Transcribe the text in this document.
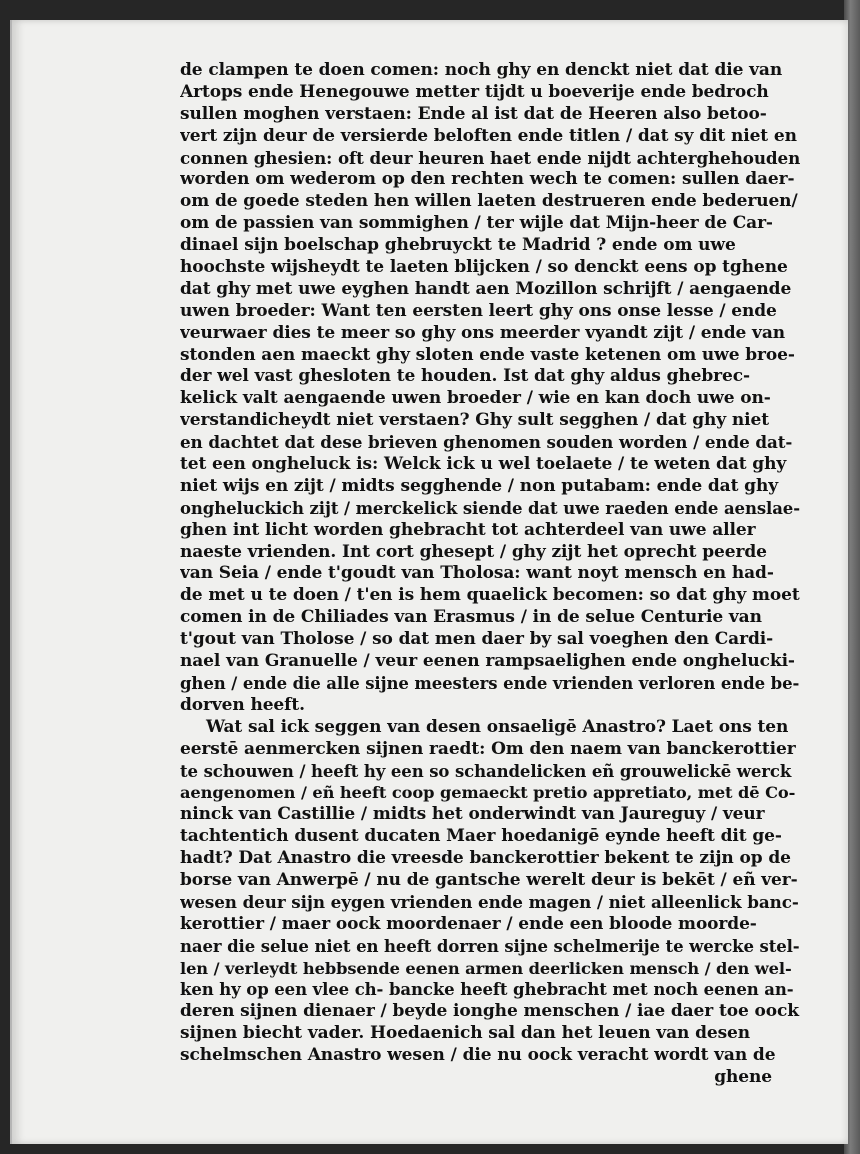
de clampen te doen comen: noch ghy en denckt niet dat die van
Artops ende Henegouwe metter tijdt u boeverije ende bedroch
sullen moghen verstaen: Ende al ist dat de Heeren also betoo-
vert zijn deur de versierde beloften ende titlen / dat sy dit niet en
connen ghesien: oft deur heuren haet ende nijdt achterghehouden
worden om wederom op den rechten wech te comen: sullen daer-
om de goede steden hen willen laeten destrueren ende bederuen/
om de passien van sommighen / ter wijle dat Mijn-heer de Car-
dinael sijn boelschap ghebruyckt te Madrid ? ende om uwe
hoochste wijsheydt te laeten blijcken / so denckt eens op tghene
dat ghy met uwe eyghen handt aen Mozillon schrijft / aengaende
uwen broeder: Want ten eersten leert ghy ons onse lesse / ende
veurwaer dies te meer so ghy ons meerder vyandt zijt / ende van
stonden aen maeckt ghy sloten ende vaste ketenen om uwe broe-
der wel vast ghesloten te houden. Ist dat ghy aldus ghebrec-
kelick valt aengaende uwen broeder / wie en kan doch uwe on-
verstandicheydt niet verstaen? Ghy sult segghen / dat ghy niet
en dachtet dat dese brieven ghenomen souden worden / ende dat-
tet een ongheluck is: Welck ick u wel toelaete / te weten dat ghy
niet wijs en zijt / midts segghende / non putabam: ende dat ghy
ongheluckich zijt / merckelick siende dat uwe raeden ende aenslae-
ghen int licht worden ghebracht tot achterdeel van uwe aller
naeste vrienden. Int cort ghesept / ghy zijt het oprecht peerde
van Seia / ende t'goudt van Tholosa: want noyt mensch en had-
de met u te doen / t'en is hem quaelick becomen: so dat ghy moet
comen in de Chiliades van Erasmus / in de selue Centurie van
t'gout van Tholose / so dat men daer by sal voeghen den Cardi-
nael van Granuelle / veur eenen rampsaelighen ende onghelucki-
ghen / ende die alle sijne meesters ende vrienden verloren ende be-
dorven heeft.
Wat sal ick seggen van desen onsaeligē Anastro? Laet ons ten
eerstē aenmercken sijnen raedt: Om den naem van banckerottier
te schouwen / heeft hy een so schandelicken eñ grouwelickē werck
aengenomen / eñ heeft coop gemaeckt pretio appretiato, met dē Co-
ninck van Castillie / midts het onderwindt van Jaureguy / veur
tachtentich dusent ducaten Maer hoedanigē eynde heeft dit ge-
hadt? Dat Anastro die vreesde banckerottier bekent te zijn op de
borse van Anwerpē / nu de gantsche werelt deur is bekēt / eñ ver-
wesen deur sijn eygen vrienden ende magen / niet alleenlick banc-
kerottier / maer oock moordenaer / ende een bloode moorde-
naer die selue niet en heeft dorren sijne schelmerije te wercke stel-
len / verleydt hebbsende eenen armen deerlicken mensch / den wel-
ken hy op een vlee ch- bancke heeft ghebracht met noch eenen an-
deren sijnen dienaer / beyde ionghe menschen / iae daer toe oock
sijnen biecht vader. Hoedaenich sal dan het leuen van desen
schelmschen Anastro wesen / die nu oock veracht wordt van de
ghene
